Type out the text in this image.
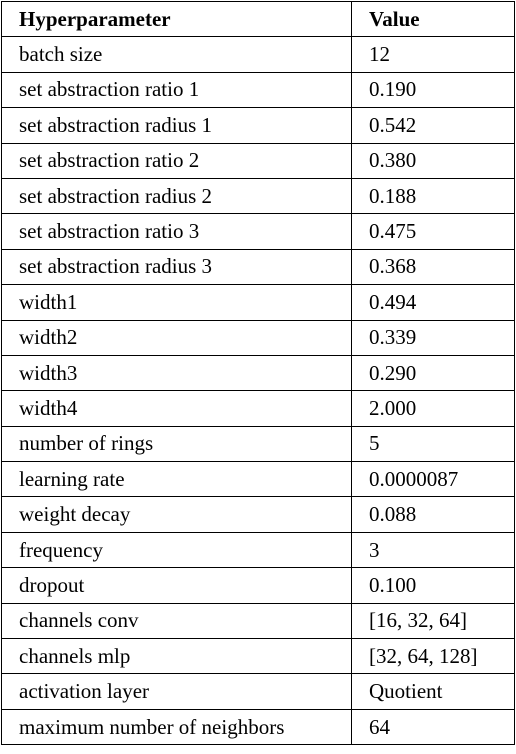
Hyperparameter	Value
batch size	12
set abstraction ratio 1	0.190
set abstraction radius 1	0.542
set abstraction ratio 2	0.380
set abstraction radius 2	0.188
set abstraction ratio 3	0.475
set abstraction radius 3	0.368
width1	0.494
width2	0.339
width3	0.290
width4	2.000
number of rings	5
learning rate	0.0000087
weight decay	0.088
frequency	3
dropout	0.100
channels conv	[16, 32, 64]
channels mlp	[32, 64, 128]
activation layer	Quotient
maximum number of neighbors	64
